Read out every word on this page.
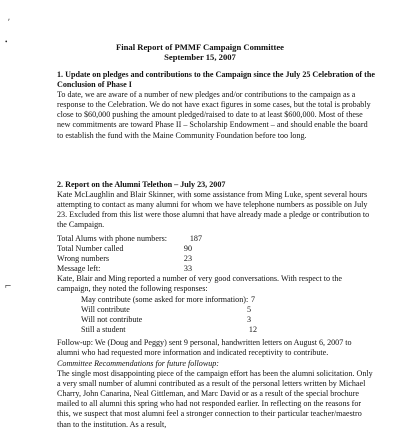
ʹ
•
⌐
Final Report of PMMF Campaign Committee
September 15, 2007

1. Update on pledges and contributions to the Campaign since the July 25 Celebration of the Conclusion of Phase I

To date, we are aware of a number of new pledges and/or contributions to the campaign as a response to the Celebration. We do not have exact figures in some cases, but the total is probably close to $60,000 pushing the amount pledged/raised to date to at least $600,000. Most of these new commitments are toward Phase II – Scholarship Endowment – and should enable the board to establish the fund with the Maine Community Foundation before too long.

2. Report on the Alumni Telethon – July 23, 2007

Kate McLaughlin and Blair Skinner, with some assistance from Ming Luke, spent several hours attempting to contact as many alumni for whom we have telephone numbers as possible on July 23. Excluded from this list were those alumni that have already made a pledge or contribution to the Campaign.

Total Alums with phone numbers:	187
Total Number called	90
Wrong numbers	23
Message left:	33
Kate, Blair and Ming reported a number of very good conversations. With respect to the campaign, they noted the following responses:
May contribute (some asked for more information): 7
Will contribute	5
Will not contribute	3
Still a student	12
Follow-up: We (Doug and Peggy) sent 9 personal, handwritten letters on August 6, 2007 to alumni who had requested more information and indicated receptivity to contribute.

Committee Recommendations for future followup:

The single most disappointing piece of the campaign effort has been the alumni solicitation. Only a very small number of alumni contributed as a result of the personal letters written by Michael Charry, John Canarina, Neal Gittleman, and Marc David or as a result of the special brochure mailed to all alumni this spring who had not responded earlier. In reflecting on the reasons for this, we suspect that most alumni feel a stronger connection to their particular teacher/maestro than to the institution. As a result,
